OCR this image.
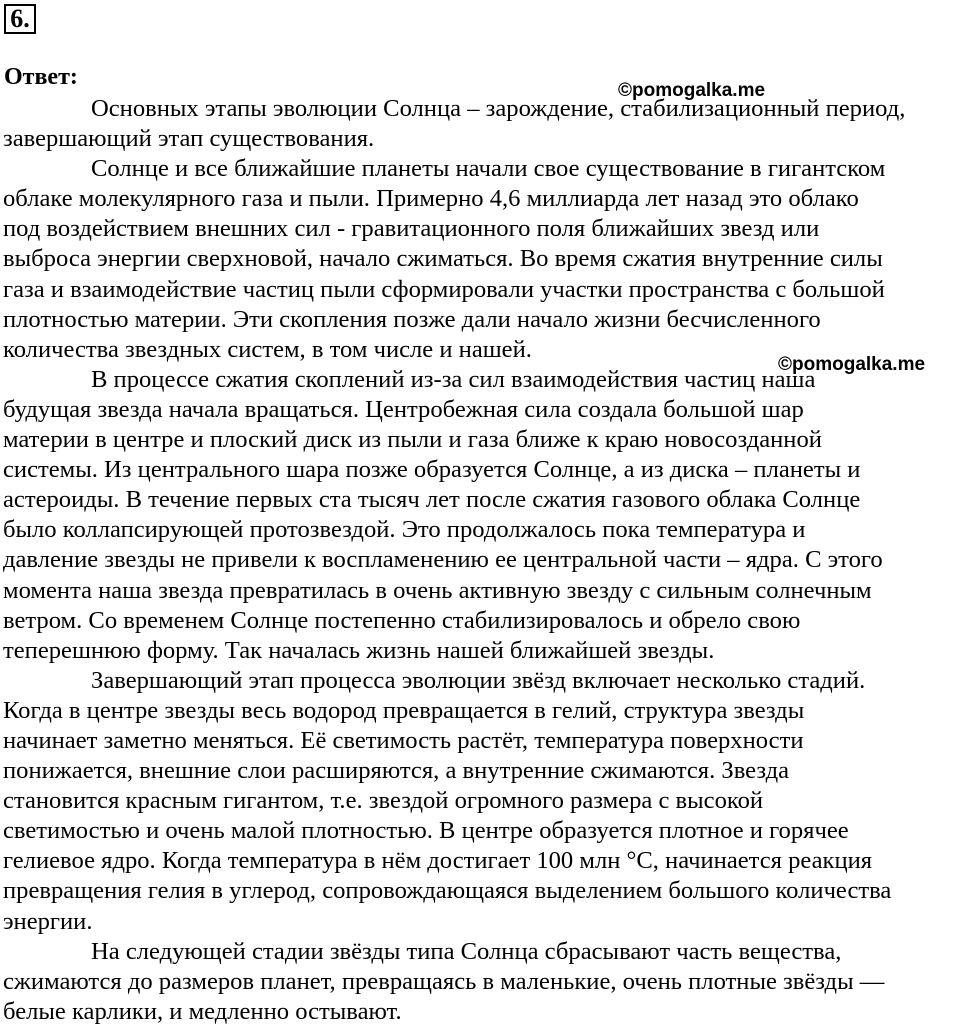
6.
Ответ:
Основных этапы эволюции Солнца – зарождение, стабилизационный период,
завершающий этап существования.
Солнце и все ближайшие планеты начали свое существование в гигантском
облаке молекулярного газа и пыли. Примерно 4,6 миллиарда лет назад это облако
под воздействием внешних сил - гравитационного поля ближайших звезд или
выброса энергии сверхновой, начало сжиматься. Во время сжатия внутренние силы
газа и взаимодействие частиц пыли сформировали участки пространства с большой
плотностью материи. Эти скопления позже дали начало жизни бесчисленного
количества звездных систем, в том числе и нашей.
В процессе сжатия скоплений из-за сил взаимодействия частиц наша
будущая звезда начала вращаться. Центробежная сила создала большой шар
материи в центре и плоский диск из пыли и газа ближе к краю новосозданной
системы. Из центрального шара позже образуется Солнце, а из диска – планеты и
астероиды. В течение первых ста тысяч лет после сжатия газового облака Солнце
было коллапсирующей протозвездой. Это продолжалось пока температура и
давление звезды не привели к воспламенению ее центральной части – ядра. С этого
момента наша звезда превратилась в очень активную звезду с сильным солнечным
ветром. Со временем Солнце постепенно стабилизировалось и обрело свою
теперешнюю форму. Так началась жизнь нашей ближайшей звезды.
Завершающий этап процесса эволюции звёзд включает несколько стадий.
Когда в центре звезды весь водород превращается в гелий, структура звезды
начинает заметно меняться. Её светимость растёт, температура поверхности
понижается, внешние слои расширяются, а внутренние сжимаются. Звезда
становится красным гигантом, т.е. звездой огромного размера с высокой
светимостью и очень малой плотностью. В центре образуется плотное и горячее
гелиевое ядро. Когда температура в нём достигает 100 млн °C, начинается реакция
превращения гелия в углерод, сопровождающаяся выделением большого количества
энергии.
На следующей стадии звёзды типа Солнца сбрасывают часть вещества,
сжимаются до размеров планет, превращаясь в маленькие, очень плотные звёзды —
белые карлики, и медленно остывают.
©pomogalka.me
©pomogalka.me
